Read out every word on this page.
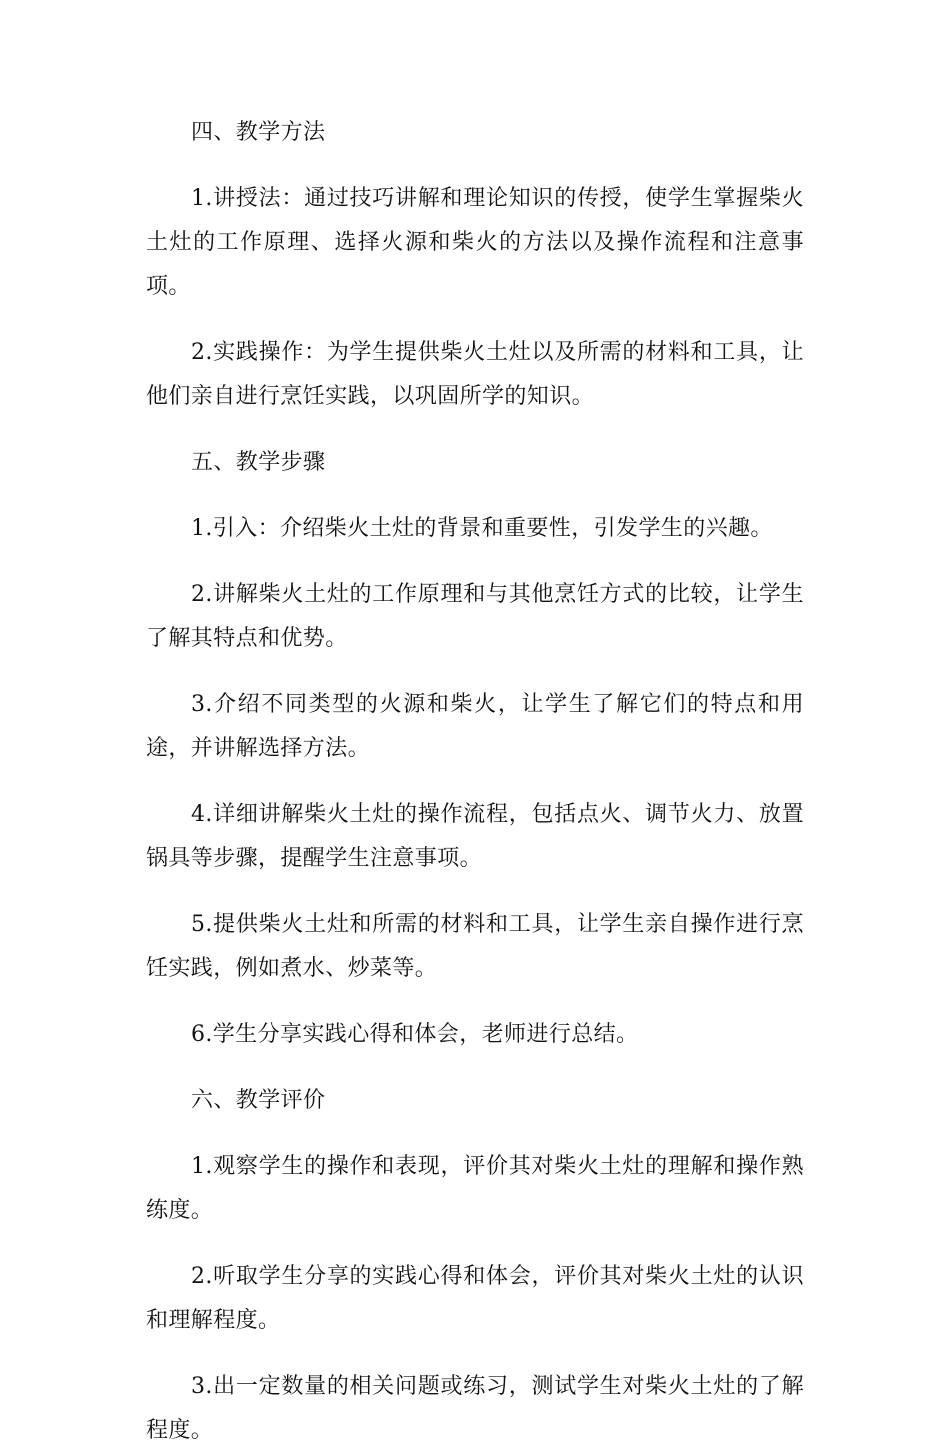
四、教学方法

1.讲授法：通过技巧讲解和理论知识的传授，使学生掌握柴火土灶的工作原理、选择火源和柴火的方法以及操作流程和注意事项。

2.实践操作：为学生提供柴火土灶以及所需的材料和工具，让他们亲自进行烹饪实践，以巩固所学的知识。

五、教学步骤

1.引入：介绍柴火土灶的背景和重要性，引发学生的兴趣。

2.讲解柴火土灶的工作原理和与其他烹饪方式的比较，让学生了解其特点和优势。

3.介绍不同类型的火源和柴火，让学生了解它们的特点和用途，并讲解选择方法。

4.详细讲解柴火土灶的操作流程，包括点火、调节火力、放置锅具等步骤，提醒学生注意事项。

5.提供柴火土灶和所需的材料和工具，让学生亲自操作进行烹饪实践，例如煮水、炒菜等。

6.学生分享实践心得和体会，老师进行总结。

六、教学评价

1.观察学生的操作和表现，评价其对柴火土灶的理解和操作熟练度。

2.听取学生分享的实践心得和体会，评价其对柴火土灶的认识和理解程度。

3.出一定数量的相关问题或练习，测试学生对柴火土灶的了解程度。
